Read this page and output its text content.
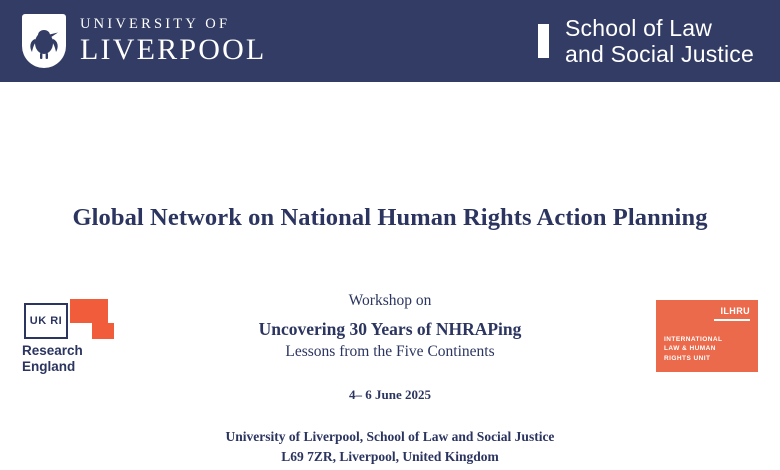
UNIVERSITY OF
LIVERPOOL
School of Law
and Social Justice
Global Network on National Human Rights Action Planning
Workshop on
Uncovering 30 Years of NHRAPing
Lessons from the Five Continents
4– 6 June 2025
University of Liverpool, School of Law and Social Justice
L69 7ZR, Liverpool, United Kingdom
UK RI
Research
England
ILHRU
INTERNATIONAL
LAW & HUMAN
RIGHTS UNIT
